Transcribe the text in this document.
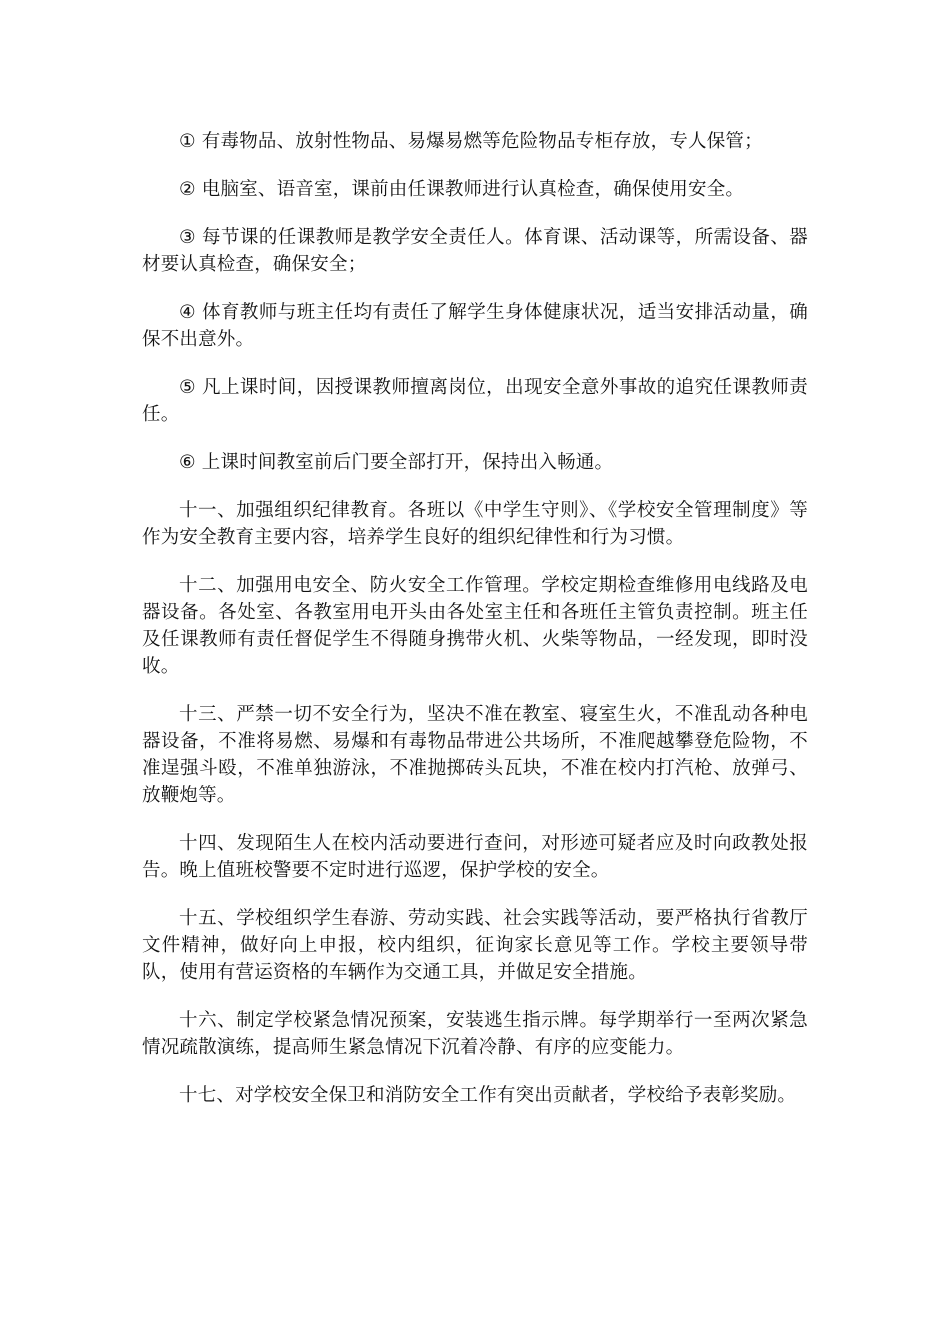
① 有毒物品、放射性物品、易爆易燃等危险物品专柜存放，专人保管；

② 电脑室、语音室，课前由任课教师进行认真检查，确保使用安全。

③ 每节课的任课教师是教学安全责任人。体育课、活动课等，所需设备、器材要认真检查，确保安全；

④ 体育教师与班主任均有责任了解学生身体健康状况，适当安排活动量，确保不出意外。

⑤ 凡上课时间，因授课教师擅离岗位，出现安全意外事故的追究任课教师责任。

⑥ 上课时间教室前后门要全部打开，保持出入畅通。

十一、加强组织纪律教育。各班以《中学生守则》、《学校安全管理制度》等作为安全教育主要内容，培养学生良好的组织纪律性和行为习惯。

十二、加强用电安全、防火安全工作管理。学校定期检查维修用电线路及电器设备。各处室、各教室用电开头由各处室主任和各班任主管负责控制。班主任及任课教师有责任督促学生不得随身携带火机、火柴等物品，一经发现，即时没收。

十三、严禁一切不安全行为，坚决不准在教室、寝室生火，不准乱动各种电器设备，不准将易燃、易爆和有毒物品带进公共场所，不准爬越攀登危险物，不准逞强斗殴，不准单独游泳，不准抛掷砖头瓦块，不准在校内打汽枪、放弹弓、放鞭炮等。

十四、发现陌生人在校内活动要进行查问，对形迹可疑者应及时向政教处报告。晚上值班校警要不定时进行巡逻，保护学校的安全。

十五、学校组织学生春游、劳动实践、社会实践等活动，要严格执行省教厅文件精神，做好向上申报，校内组织，征询家长意见等工作。学校主要领导带队，使用有营运资格的车辆作为交通工具，并做足安全措施。

十六、制定学校紧急情况预案，安装逃生指示牌。每学期举行一至两次紧急情况疏散演练，提高师生紧急情况下沉着冷静、有序的应变能力。

十七、对学校安全保卫和消防安全工作有突出贡献者，学校给予表彰奖励。
